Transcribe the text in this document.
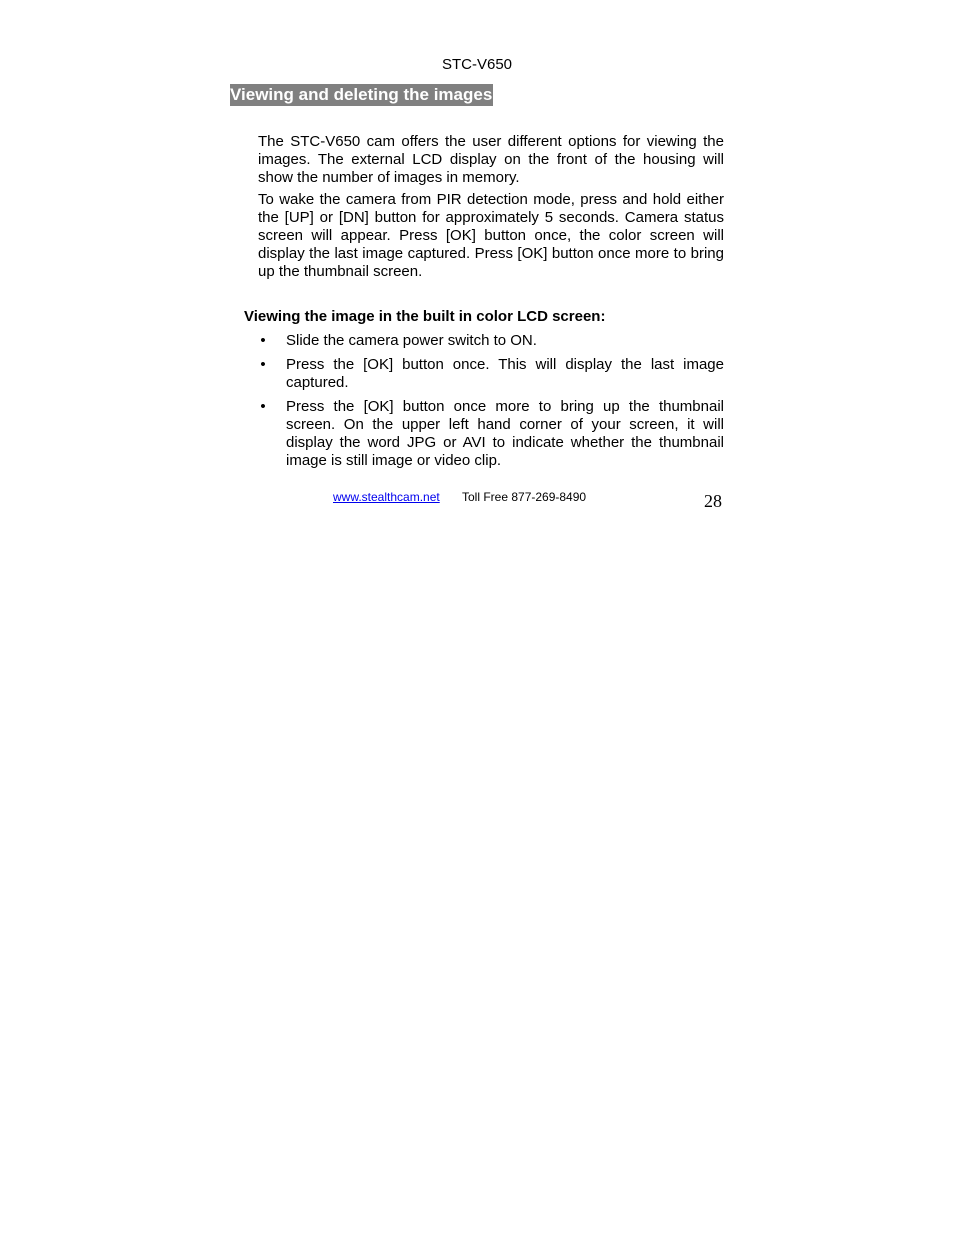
STC-V650
Viewing and deleting the images

The STC-V650 cam offers the user different options for viewing the images. The external LCD display on the front of the housing will show the number of images in memory.

To wake the camera from PIR detection mode, press and hold either the [UP] or [DN] button for approximately 5 seconds. Camera status screen will appear. Press [OK] button once, the color screen will display the last image captured. Press [OK] button once more to bring up the thumbnail screen.

Viewing the image in the built in color LCD screen:
• Slide the camera power switch to ON.
• Press the [OK] button once. This will display the last image captured.
• Press the [OK] button once more to bring up the thumbnail screen. On the upper left hand corner of your screen, it will display the word JPG or AVI to indicate whether the thumbnail image is still image or video clip.
www.stealthcam.net Toll Free 877-269-8490	28
